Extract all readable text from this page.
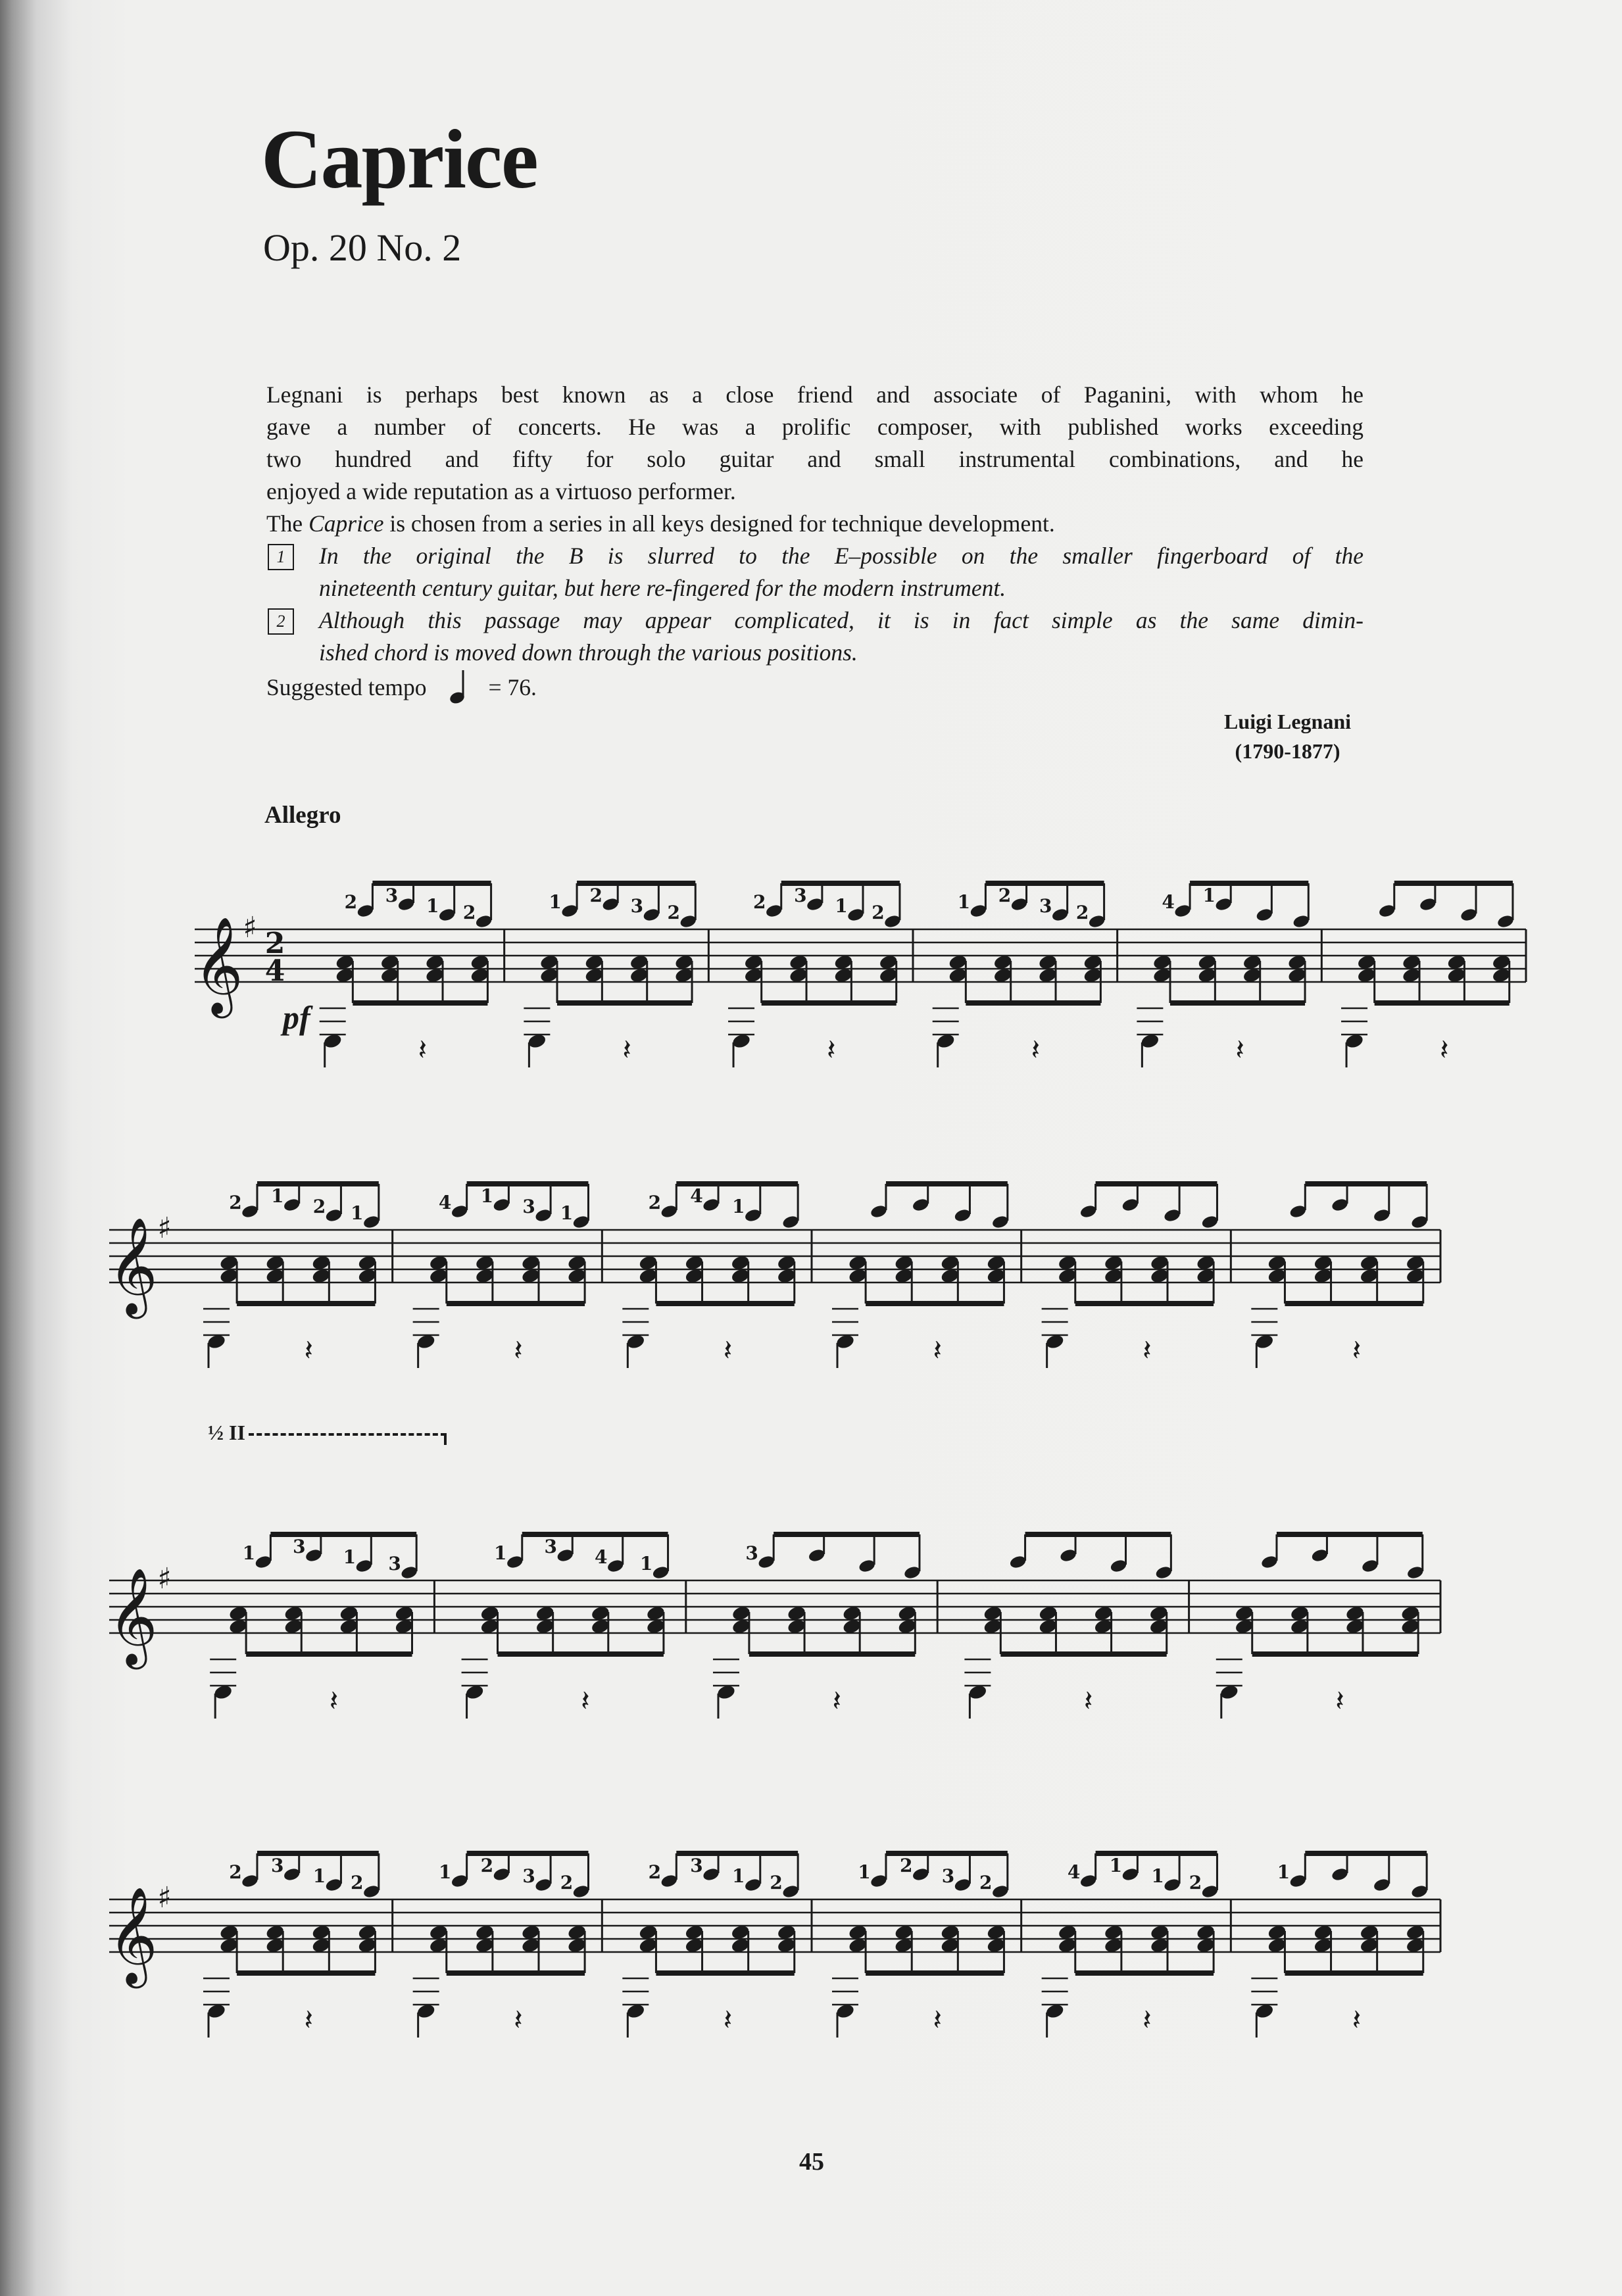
Caprice
Op. 20 No. 2

Legnani is perhaps best known as a close friend and associate of Paganini, with whom he

gave a number of concerts. He was a prolific composer, with published works exceeding

two hundred and fifty for solo guitar and small instrumental combinations, and he

enjoyed a wide reputation as a virtuoso performer.

The Caprice is chosen from a series in all keys designed for technique development.

1	In the original the B is slurred to the E–possible on the smaller fingerboard of the
nineteenth century guitar, but here re-fingered for the modern instrument.
2	Although this passage may appear complicated, it is in fact simple as the same dimin-
ished chord is moved down through the various positions.

Suggested tempo	= 76.

Luigi Legnani
(1790-1877)
Allegro
pf
½ II
𝄞 ♯ 2
4
𝄽
2 3 1 2
𝄽
1 2 3 2
𝄽
2 3 1 2
𝄽
1 2 3 2
𝄽
4 1
𝄽
𝄞 ♯
𝄽
2 1 2 1
𝄽
4 1 3 1
𝄽
2 4 1
𝄽	𝄽	𝄽
𝄞 ♯
𝄽
1 3 1 3
𝄽
1 3 4 1
𝄽
3
𝄽	𝄽
𝄞 ♯
𝄽
2 3 1 2
𝄽
1 2 3 2
𝄽
2 3 1 2
𝄽
1 2 3 2
𝄽
4 1 1 2
𝄽
1
45
